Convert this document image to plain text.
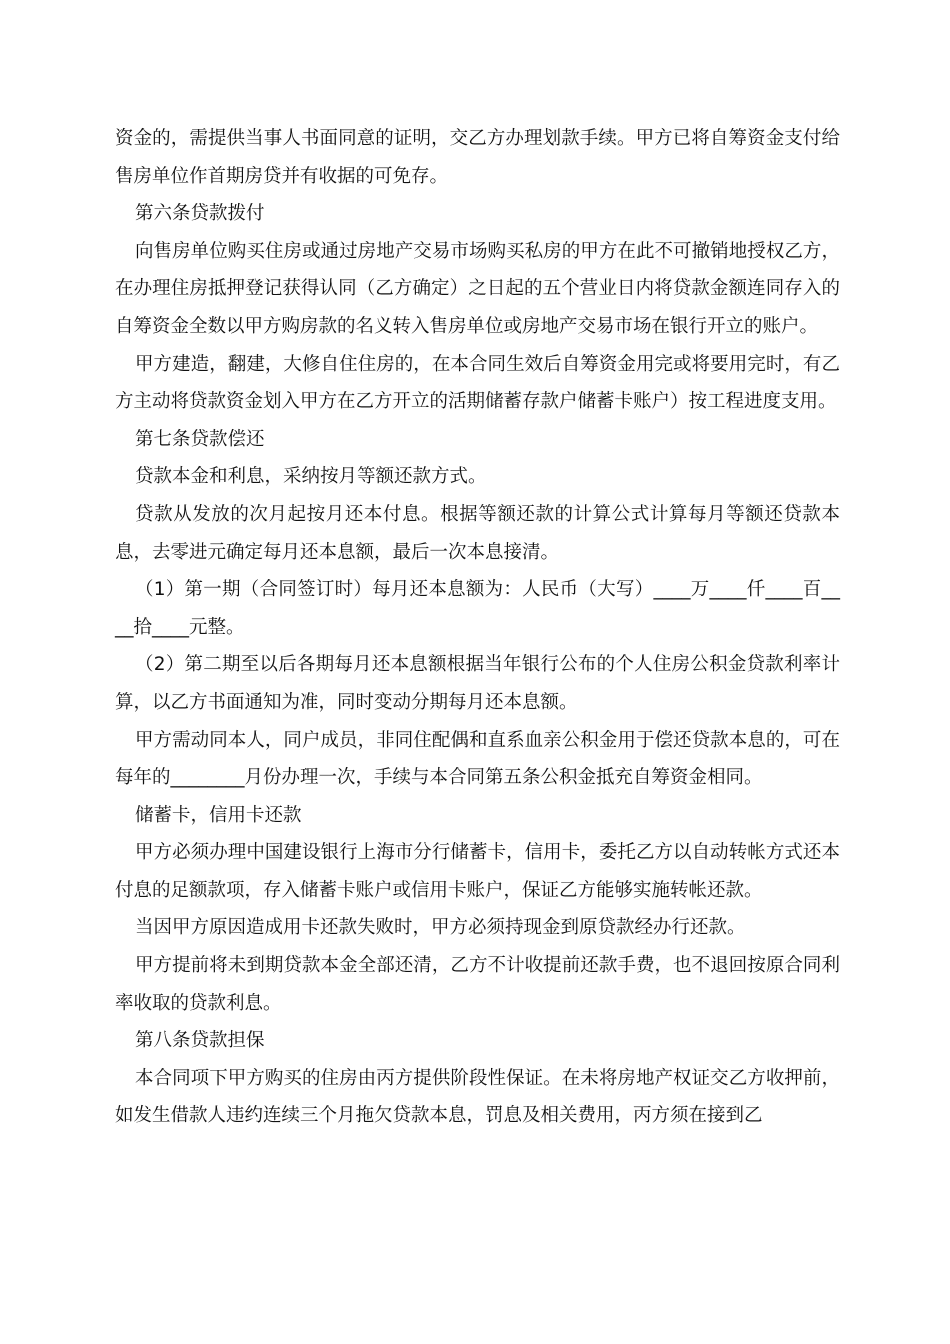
资金的，需提供当事人书面同意的证明，交乙方办理划款手续。甲方已将自筹资金支付给售房单位作首期房贷并有收据的可免存。

第六条贷款拨付

向售房单位购买住房或通过房地产交易市场购买私房的甲方在此不可撤销地授权乙方，在办理住房抵押登记获得认同（乙方确定）之日起的五个营业日内将贷款金额连同存入的自筹资金全数以甲方购房款的名义转入售房单位或房地产交易市场在银行开立的账户。

甲方建造，翻建，大修自住住房的，在本合同生效后自筹资金用完或将要用完时，有乙方主动将贷款资金划入甲方在乙方开立的活期储蓄存款户储蓄卡账户）按工程进度支用。

第七条贷款偿还

贷款本金和利息，采纳按月等额还款方式。

贷款从发放的次月起按月还本付息。根据等额还款的计算公式计算每月等额还贷款本息，去零进元确定每月还本息额，最后一次本息接清。

（1）第一期（合同签订时）每月还本息额为：人民币（大写）____万____仟____百____拾____元整。

（2）第二期至以后各期每月还本息额根据当年银行公布的个人住房公积金贷款利率计算，以乙方书面通知为准，同时变动分期每月还本息额。

甲方需动同本人，同户成员，非同住配偶和直系血亲公积金用于偿还贷款本息的，可在每年的________月份办理一次，手续与本合同第五条公积金抵充自筹资金相同。

储蓄卡，信用卡还款

甲方必须办理中国建设银行上海市分行储蓄卡，信用卡，委托乙方以自动转帐方式还本付息的足额款项，存入储蓄卡账户或信用卡账户，保证乙方能够实施转帐还款。

当因甲方原因造成用卡还款失败时，甲方必须持现金到原贷款经办行还款。

甲方提前将未到期贷款本金全部还清，乙方不计收提前还款手费，也不退回按原合同利率收取的贷款利息。

第八条贷款担保

本合同项下甲方购买的住房由丙方提供阶段性保证。在未将房地产权证交乙方收押前，如发生借款人违约连续三个月拖欠贷款本息，罚息及相关费用，丙方须在接到乙
